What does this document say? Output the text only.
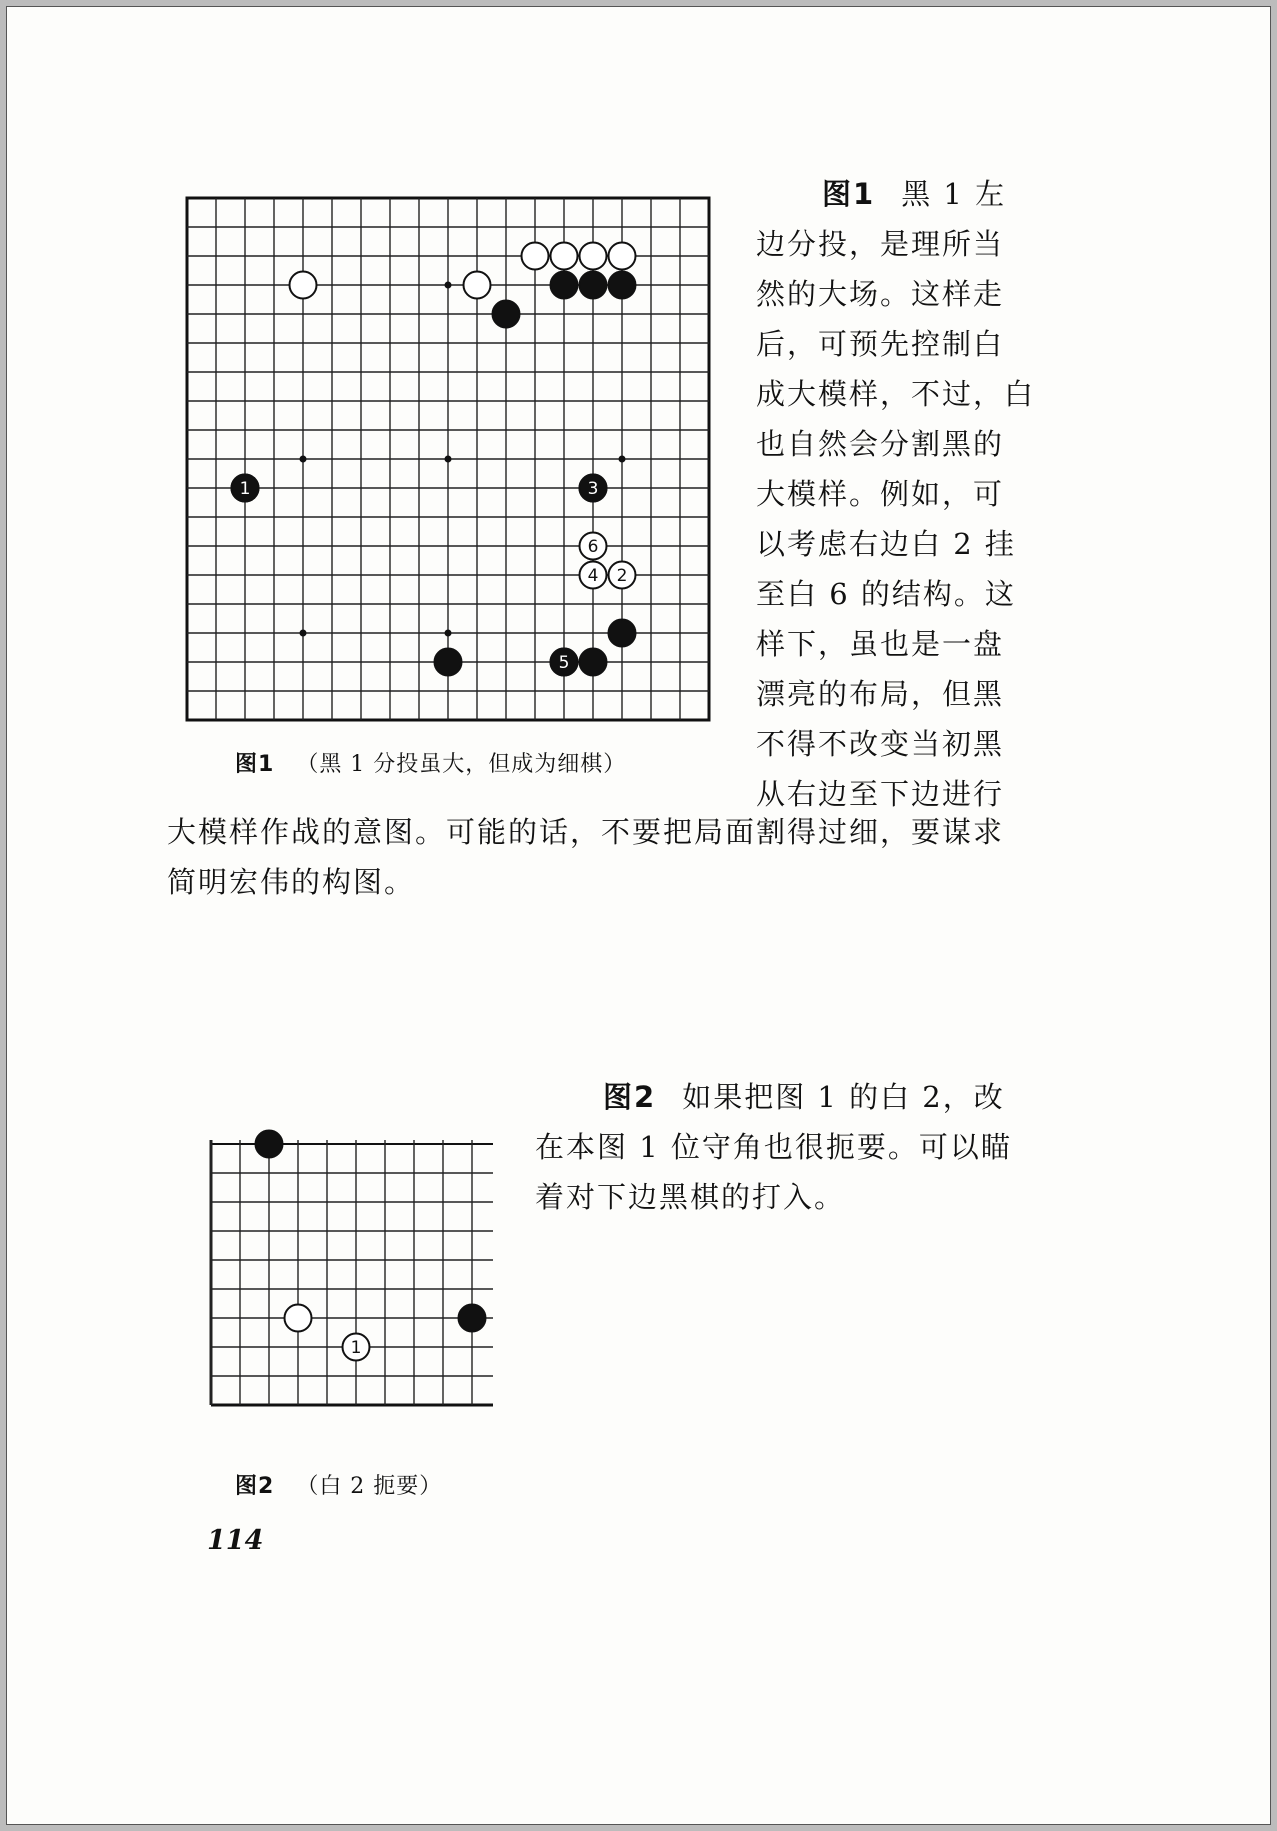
1
2
3
4
5
6
图1 （黑 1 分投虽大，但成为细棋）
图1 黑 1 左
边分投，是理所当
然的大场。这样走
后，可预先控制白
成大模样，不过，白
也自然会分割黑的
大模样。例如，可
以考虑右边白 2 挂
至白 6 的结构。这
样下，虽也是一盘
漂亮的布局，但黑
不得不改变当初黑
从右边至下边进行
大模样作战的意图。可能的话，不要把局面割得过细，要谋求
简明宏伟的构图。
1
图2 （白 2 扼要）
图2 如果把图 1 的白 2，改
在本图 1 位守角也很扼要。可以瞄
着对下边黑棋的打入。
114
